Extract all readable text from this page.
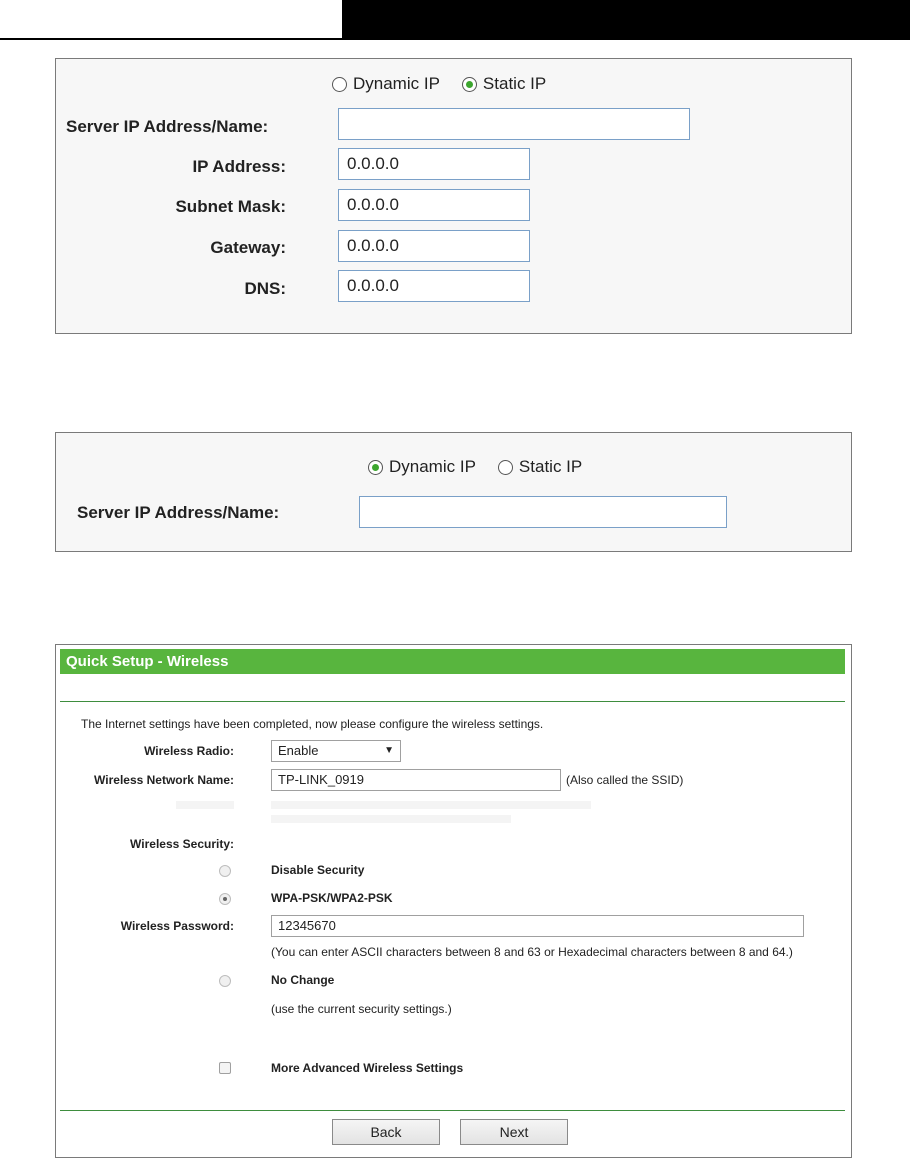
Dynamic IP	Static IP
Server IP Address/Name:
IP Address:	0.0.0.0
Subnet Mask:	0.0.0.0
Gateway:	0.0.0.0
DNS:	0.0.0.0
Dynamic IP	Static IP
Server IP Address/Name:
Quick Setup - Wireless
The Internet settings have been completed, now please configure the wireless settings.
Wireless Radio:	Enable	▼
Wireless Network Name:	TP-LINK_0919	(Also called the SSID)
Wireless Security:
Disable Security
WPA-PSK/WPA2-PSK
Wireless Password:	12345670
(You can enter ASCII characters between 8 and 63 or Hexadecimal characters between 8 and 64.)
No Change
(use the current security settings.)
More Advanced Wireless Settings
Back	Next
